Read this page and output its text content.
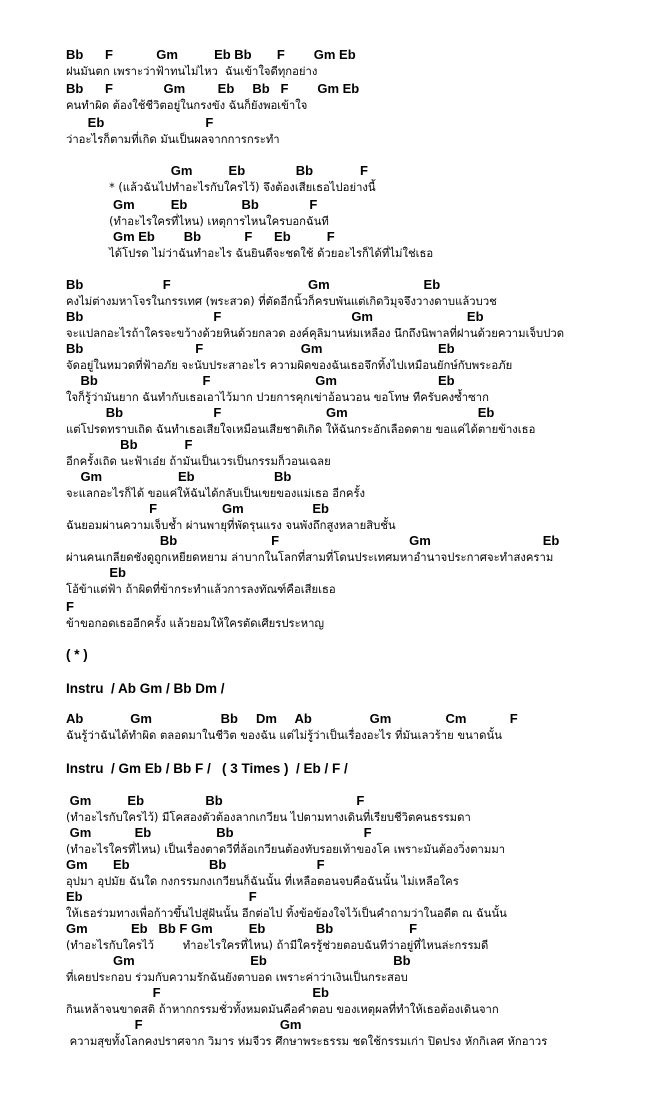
Bb      F            Gm          Eb Bb       F        Gm Eb
ฝนมันตก เพราะว่าฟ้าทนไม่ไหว  ฉันเข้าใจดีทุกอย่าง
Bb      F              Gm         Eb     Bb   F        Gm Eb
คนทำผิด ต้องใช้ชีวิตอยู่ในกรงขัง ฉันก็ยังพอเข้าใจ
Eb                            F
ว่าอะไรก็ตามที่เกิด มันเป็นผลจากการกระทำ
Gm          Eb              Bb             F
* (แล้วฉันไปทำอะไรกับใครไว้) จึงต้องเสียเธอไปอย่างนี้
Gm          Eb               Bb              F
(ทำอะไรใครที่ไหน) เหตุการไหนใครบอกฉันที
Gm Eb        Bb            F      Eb          F
ได้โปรด ไม่ว่าฉันทำอะไร ฉันยินดีจะชดใช้ ด้วยอะไรก็ได้ที่ไม่ใช่เธอ
Bb                      F                                      Gm                          Eb
คงไม่ต่างมหาโจรในกรรเทศ (พระสวด) ที่ตัดอีกนิ้วก็ครบพันแต่เกิดวิมุจจึงวางดาบแล้วบวช
Bb                                    F                                    Gm                          Eb
จะแปลกอะไรถ้าใครจะขว้างด้วยหินด้วยกลวด องค์คุลิมานห่มเหลือง นึกถึงนิพาลที่ฝานด้วยความเจ็บปวด
Bb                               F                           Gm                                Eb
จัดอยู่ในหมวดที่ฟ้าอภัย จะนับประสาอะไร ความผิดของฉันเธอจึกทิ้งไปเหมือนยักษ์กับพระอภัย
Bb                             F                             Gm                            Eb
ใจก็รู้ว่ามันยาก ฉันทำกับเธอเอาไว้มาก ปวยการคุกเข่าอ้อนวอน ขอโทษ ทีครับคงซ้ำซาก
Bb                         F                             Gm                                    Eb
แต่โปรดทราบเถิด ฉันทำเธอเสียใจเหมือนเสียชาติเกิด ให้ฉันกระอักเลือดตาย ขอแค่ได้ตายข้างเธอ
Bb             F
อีกครั้งเถิด นะฟ้าเอ๋ย ถ้ามันเป็นเวรเป็นกรรมก็วอนเฉลย
Gm                     Eb                      Bb
จะแลกอะไรก็ได้ ขอแค่ให้ฉันได้กลับเป็นเขยของแม่เธอ อีกครั้ง
F                  Gm                   Eb
ฉันยอมผ่านความเจ็บช้ำ ผ่านพายุที่พัดรุนแรง จนพังถึกสูงหลายสิบชั้น
Bb                          F                                    Gm                               Eb
ผ่านคนเกลียดชังดูถูกเหยียดหยาม ล่าบากในโลกที่สามที่โดนประเทศมหาอำนาจประกาศจะทำสงคราม
Eb
โอ้ข้าแต่ฟ้า ถ้าผิดที่ข้ากระทำแล้วการลงทัณฑ์คือเสียเธอ
F
ข้าขอกอดเธออีกครั้ง แล้วยอมให้ใครตัดเศียรประหาญ
( * )
Instru  / Ab Gm / Bb Dm /
Ab             Gm                   Bb     Dm     Ab                Gm               Cm            F
ฉันรู้ว่าฉันได้ทำผิด ตลอดมาในชีวิต ของฉัน แต่ไม่รู้ว่าเป็นเรื่องอะไร ที่มันเลวร้าย ขนาดนั้น
Instru  / Gm Eb / Bb F /   ( 3 Times )  / Eb / F /
Gm          Eb                 Bb                                     F
(ทำอะไรกับใครไว้) มีโคสองตัวต้องลากเกวียน ไปตามทางเดินที่เรียบชีวิตคนธรรมดา
Gm            Eb                  Bb                                    F
(ทำอะไรใครที่ไหน) เป็นเรื่องตาดวีที่ล้อเกวียนต้องทับรอยเท้าของโค เพราะมันต้องวิ่งตามมา
Gm       Eb                      Bb                         F
อุปมา อุปมัย ฉันใด กงกรรมกงเกวียนก็ฉันนั้น ที่เหลือตอนจบคือฉันนั้น ไม่เหลือใคร
Eb                                              F
ให้เธอร่วมทางเพื่อก้าวขึ้นไปสู่ฝันนั้น อีกต่อไป ทิ้งข้อข้องใจไว้เป็นคำถามว่าในอดีต ณ ฉันนั้น
Gm            Eb   Bb F Gm          Eb              Bb                     F
(ทำอะไรกับใครไว้        ทำอะไรใครที่ไหน) ถ้ามีใครรู้ช่วยตอบฉันทีว่าอยู่ที่ไหนล่ะกรรมดี
Gm                                Eb                                   Bb
ที่เคยประกอบ ร่วมกับความรักฉันยังตาบอด เพราะค่าว่าเงินเป็นกระสอบ
F                                          Eb
กินเหล้าจนขาดสติ ถ้าหากกรรมชั่วทั้งหมดมันคือคำตอบ ของเหตุผลที่ทำให้เธอต้องเดินจาก
F                                      Gm
ความสุขทั้งโลกคงปราศจาก วิมาร ห่มจีวร ศึกษาพระธรรม ชดใช้กรรมเก่า ปิดปรง หักกิเลศ หักอาวร
